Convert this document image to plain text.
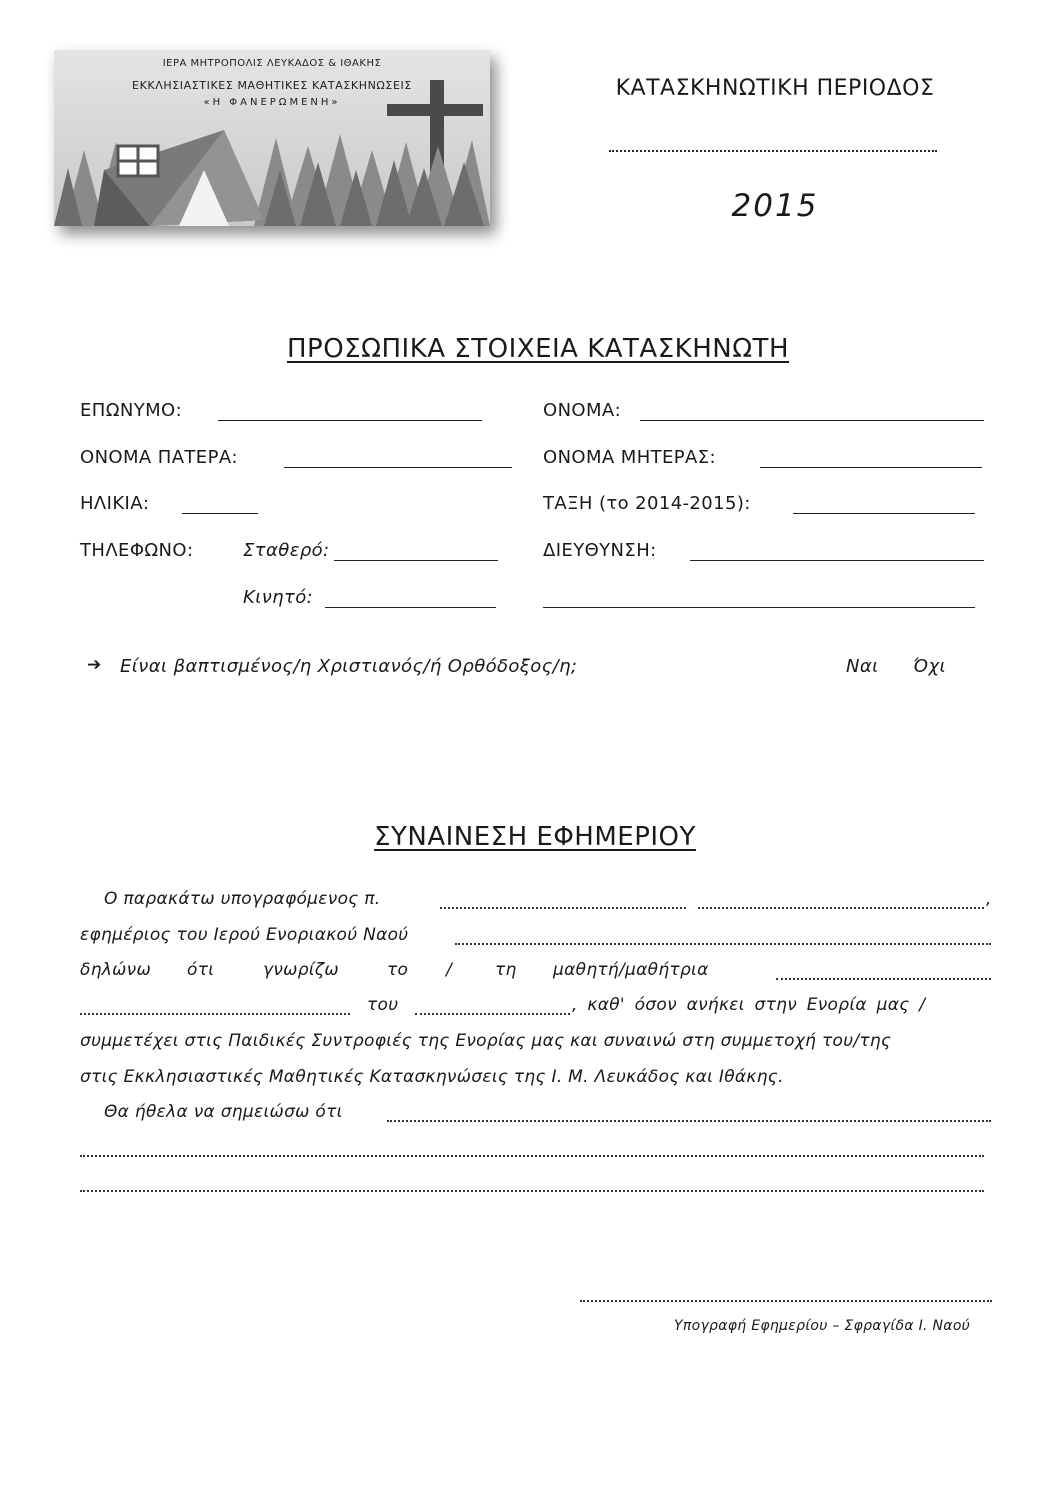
ΙΕΡΑ ΜΗΤΡΟΠΟΛΙΣ ΛΕΥΚΑΔΟΣ & ΙΘΑΚΗΣ
ΕΚΚΛΗΣΙΑΣΤΙΚΕΣ ΜΑΘΗΤΙΚΕΣ ΚΑΤΑΣΚΗΝΩΣΕΙΣ
«Η ΦΑΝΕΡΩΜΕΝΗ»
ΚΑΤΑΣΚΗΝΩΤΙΚΗ ΠΕΡΙΟΔΟΣ
2015
ΠΡΟΣΩΠΙΚΑ ΣΤΟΙΧΕΙΑ ΚΑΤΑΣΚΗΝΩΤΗ
ΕΠΩΝΥΜΟ:	ΟΝΟΜΑ:
ΟΝΟΜΑ ΠΑΤΕΡΑ:	ΟΝΟΜΑ ΜΗΤΕΡΑΣ:
ΗΛΙΚΙΑ:	ΤΑΞΗ (το 2014-2015):
ΤΗΛΕΦΩΝΟ:	Σταθερό:	ΔΙΕΥΘΥΝΣΗ:
Κινητό:
➔ Είναι βαπτισμένος/η Χριστιανός/ή Ορθόδοξος/η;	Ναι Όχι
ΣΥΝΑΙΝΕΣΗ ΕΦΗΜΕΡΙΟΥ
Ο παρακάτω υπογραφόμενος π.	,
εφημέριος του Ιερού Ενοριακού Ναού
δηλώνω ότι	γνωρίζω	το /	τη μαθητή/μαθήτρια
του	, καθ' όσον ανήκει στην Ενορία μας /
συμμετέχει στις Παιδικές Συντροφιές της Ενορίας μας και συναινώ στη συμμετοχή του/της
στις Εκκλησιαστικές Μαθητικές Κατασκηνώσεις της Ι. Μ. Λευκάδος και Ιθάκης.
Θα ήθελα να σημειώσω ότι
Υπογραφή Εφημερίου – Σφραγίδα Ι. Ναού
